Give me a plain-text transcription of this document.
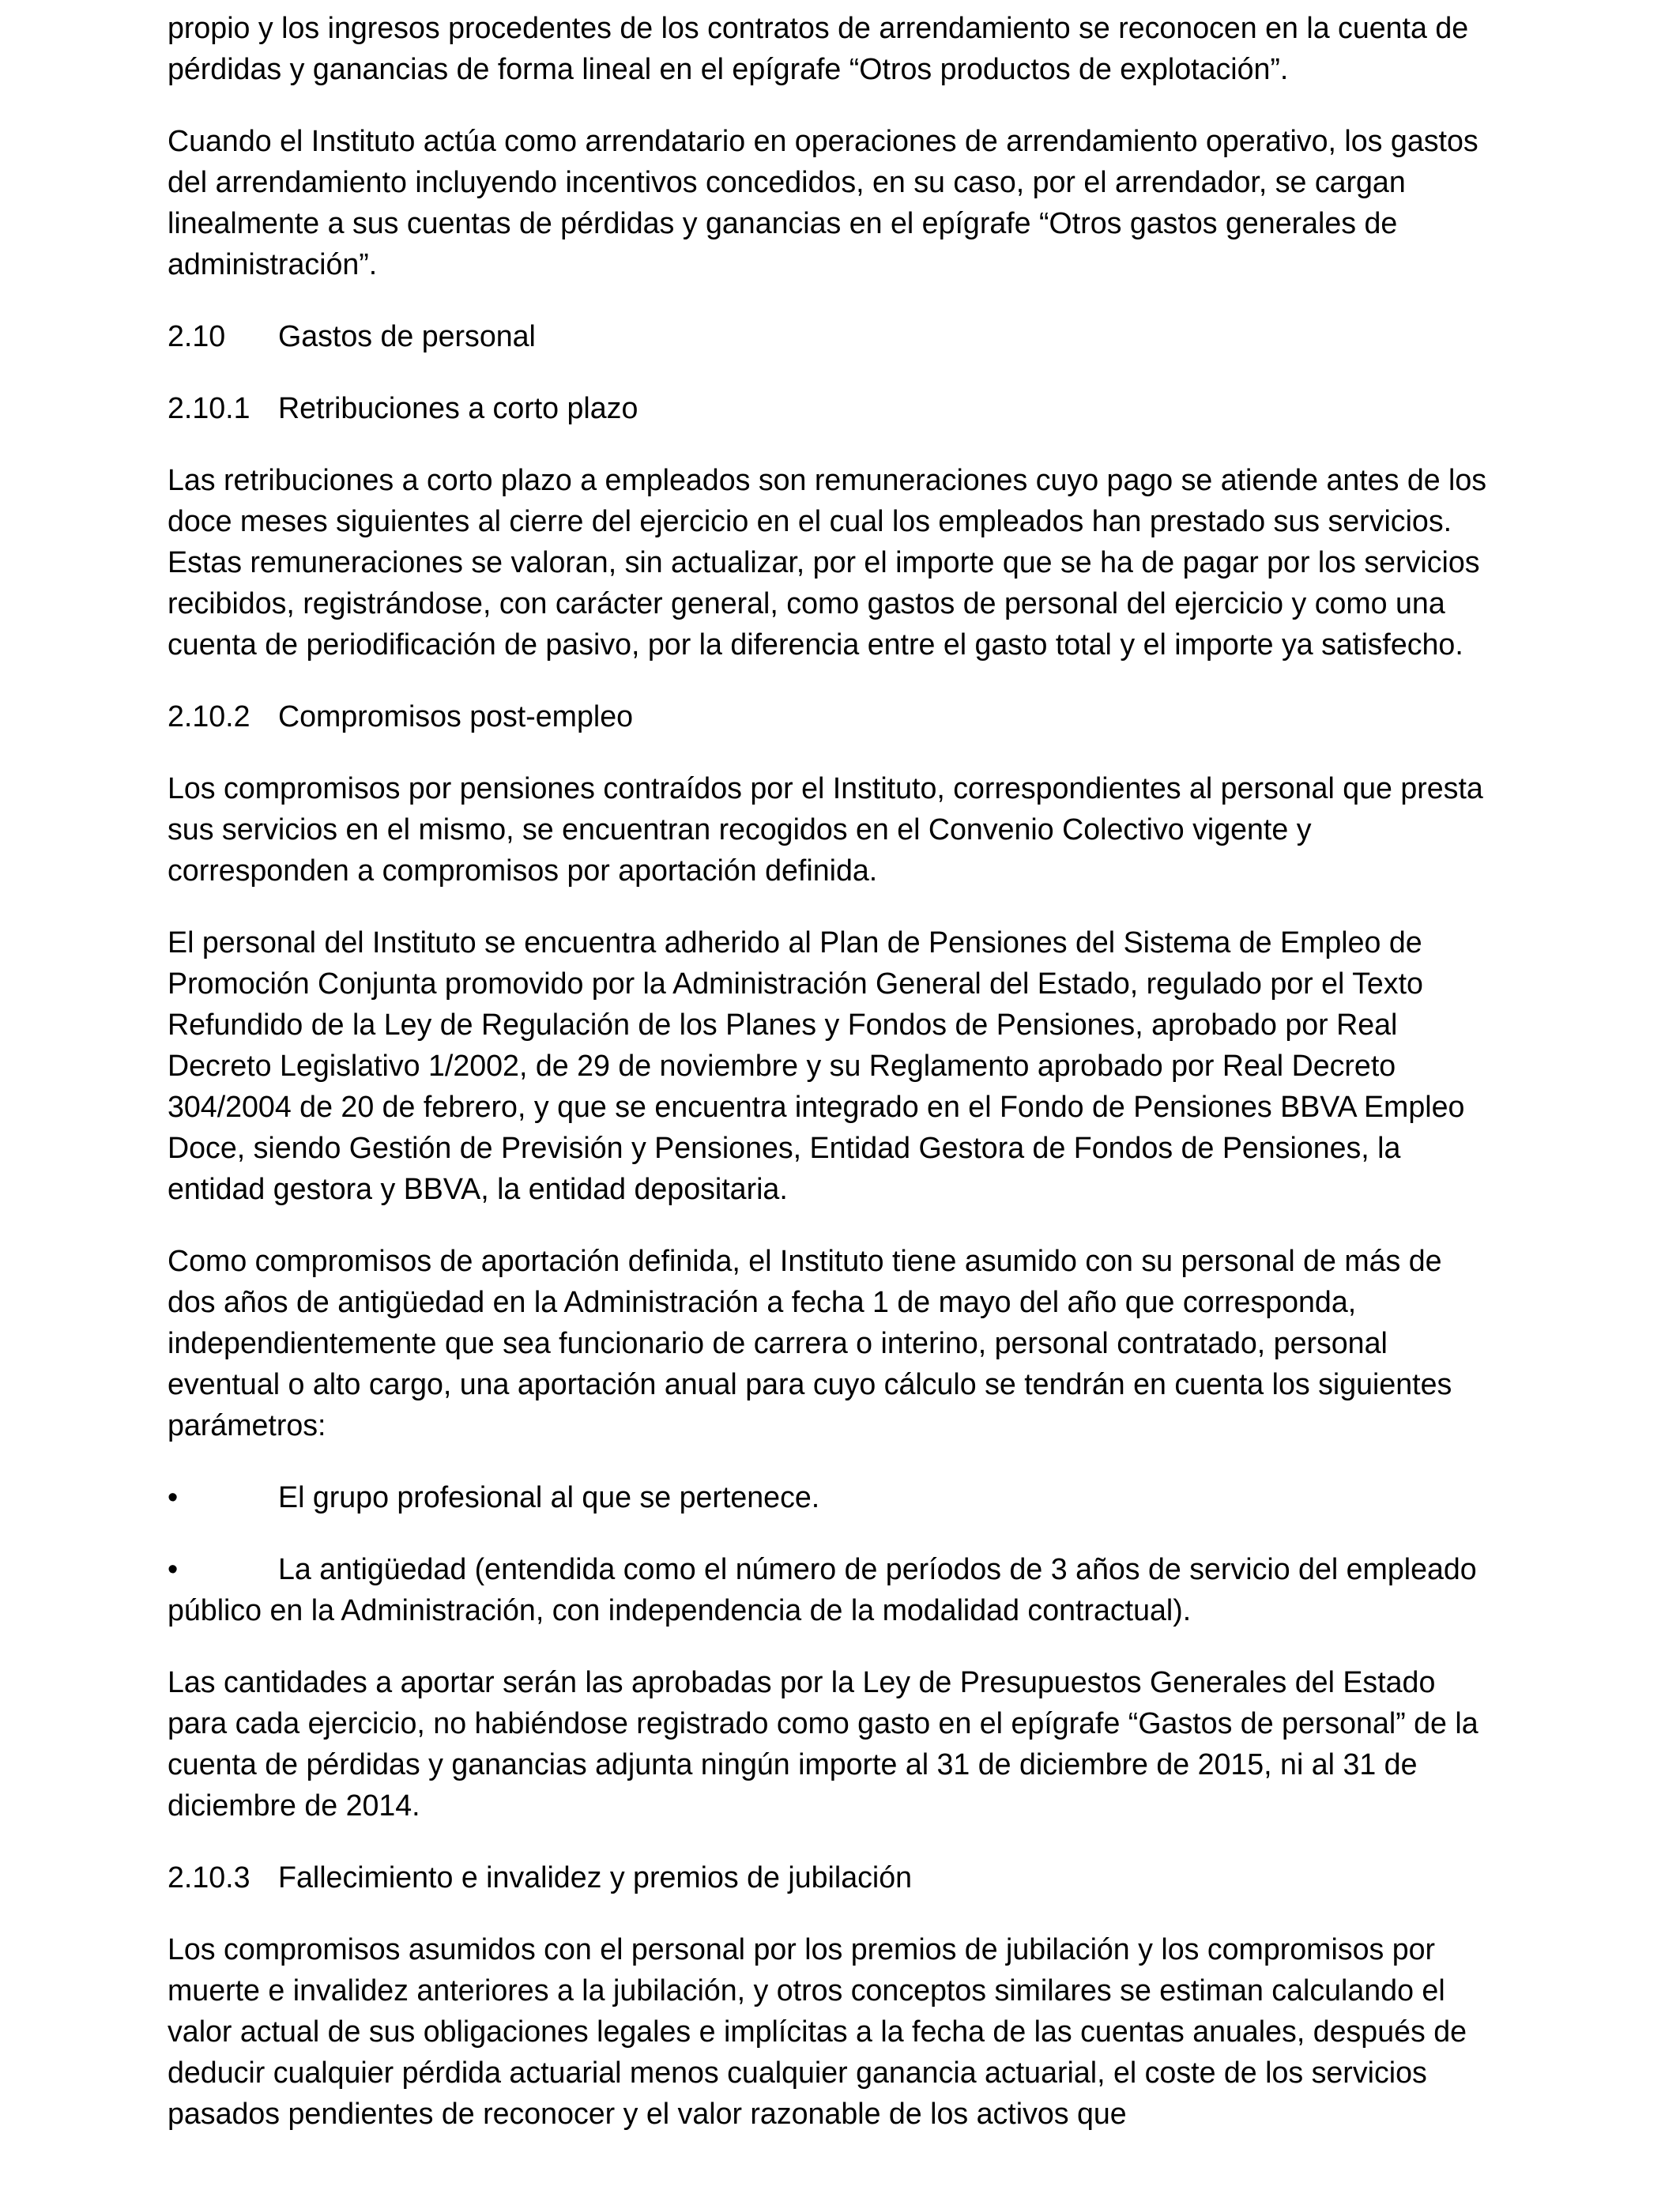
propio y los ingresos procedentes de los contratos de arrendamiento se reconocen en la cuenta de pérdidas y ganancias de forma lineal en el epígrafe “Otros productos de explotación”.

Cuando el Instituto actúa como arrendatario en operaciones de arrendamiento operativo, los gastos del arrendamiento incluyendo incentivos concedidos, en su caso, por el arrendador, se cargan linealmente a sus cuentas de pérdidas y ganancias en el epígrafe “Otros gastos generales de administración”.

2.10	Gastos de personal
2.10.1 Retribuciones a corto plazo

Las retribuciones a corto plazo a empleados son remuneraciones cuyo pago se atiende antes de los doce meses siguientes al cierre del ejercicio en el cual los empleados han prestado sus servicios. Estas remuneraciones se valoran, sin actualizar, por el importe que se ha de pagar por los servicios recibidos, registrándose, con carácter general, como gastos de personal del ejercicio y como una cuenta de periodificación de pasivo, por la diferencia entre el gasto total y el importe ya satisfecho.

2.10.2 Compromisos post-empleo

Los compromisos por pensiones contraídos por el Instituto, correspondientes al personal que presta sus servicios en el mismo, se encuentran recogidos en el Convenio Colectivo vigente y corresponden a compromisos por aportación definida.

El personal del Instituto se encuentra adherido al Plan de Pensiones del Sistema de Empleo de Promoción Conjunta promovido por la Administración General del Estado, regulado por el Texto Refundido de la Ley de Regulación de los Planes y Fondos de Pensiones, aprobado por Real Decreto Legislativo 1/2002, de 29 de noviembre y su Reglamento aprobado por Real Decreto 304/2004 de 20 de febrero, y que se encuentra integrado en el Fondo de Pensiones BBVA Empleo Doce, siendo Gestión de Previsión y Pensiones, Entidad Gestora de Fondos de Pensiones, la entidad gestora y BBVA, la entidad depositaria.

Como compromisos de aportación definida, el Instituto tiene asumido con su personal de más de dos años de antigüedad en la Administración a fecha 1 de mayo del año que corresponda, independientemente que sea funcionario de carrera o interino, personal contratado, personal eventual o alto cargo, una aportación anual para cuyo cálculo se tendrán en cuenta los siguientes parámetros:

•	El grupo profesional al que se pertenece.
•	La antigüedad (entendida como el número de períodos de 3 años de servicio del empleado público en la Administración, con independencia de la modalidad contractual).

Las cantidades a aportar serán las aprobadas por la Ley de Presupuestos Generales del Estado para cada ejercicio, no habiéndose registrado como gasto en el epígrafe “Gastos de personal” de la cuenta de pérdidas y ganancias adjunta ningún importe al 31 de diciembre de 2015, ni al 31 de diciembre de 2014.

2.10.3 Fallecimiento e invalidez y premios de jubilación

Los compromisos asumidos con el personal por los premios de jubilación y los compromisos por muerte e invalidez anteriores a la jubilación, y otros conceptos similares se estiman calculando el valor actual de sus obligaciones legales e implícitas a la fecha de las cuentas anuales, después de deducir cualquier pérdida actuarial menos cualquier ganancia actuarial, el coste de los servicios pasados pendientes de reconocer y el valor razonable de los activos que
